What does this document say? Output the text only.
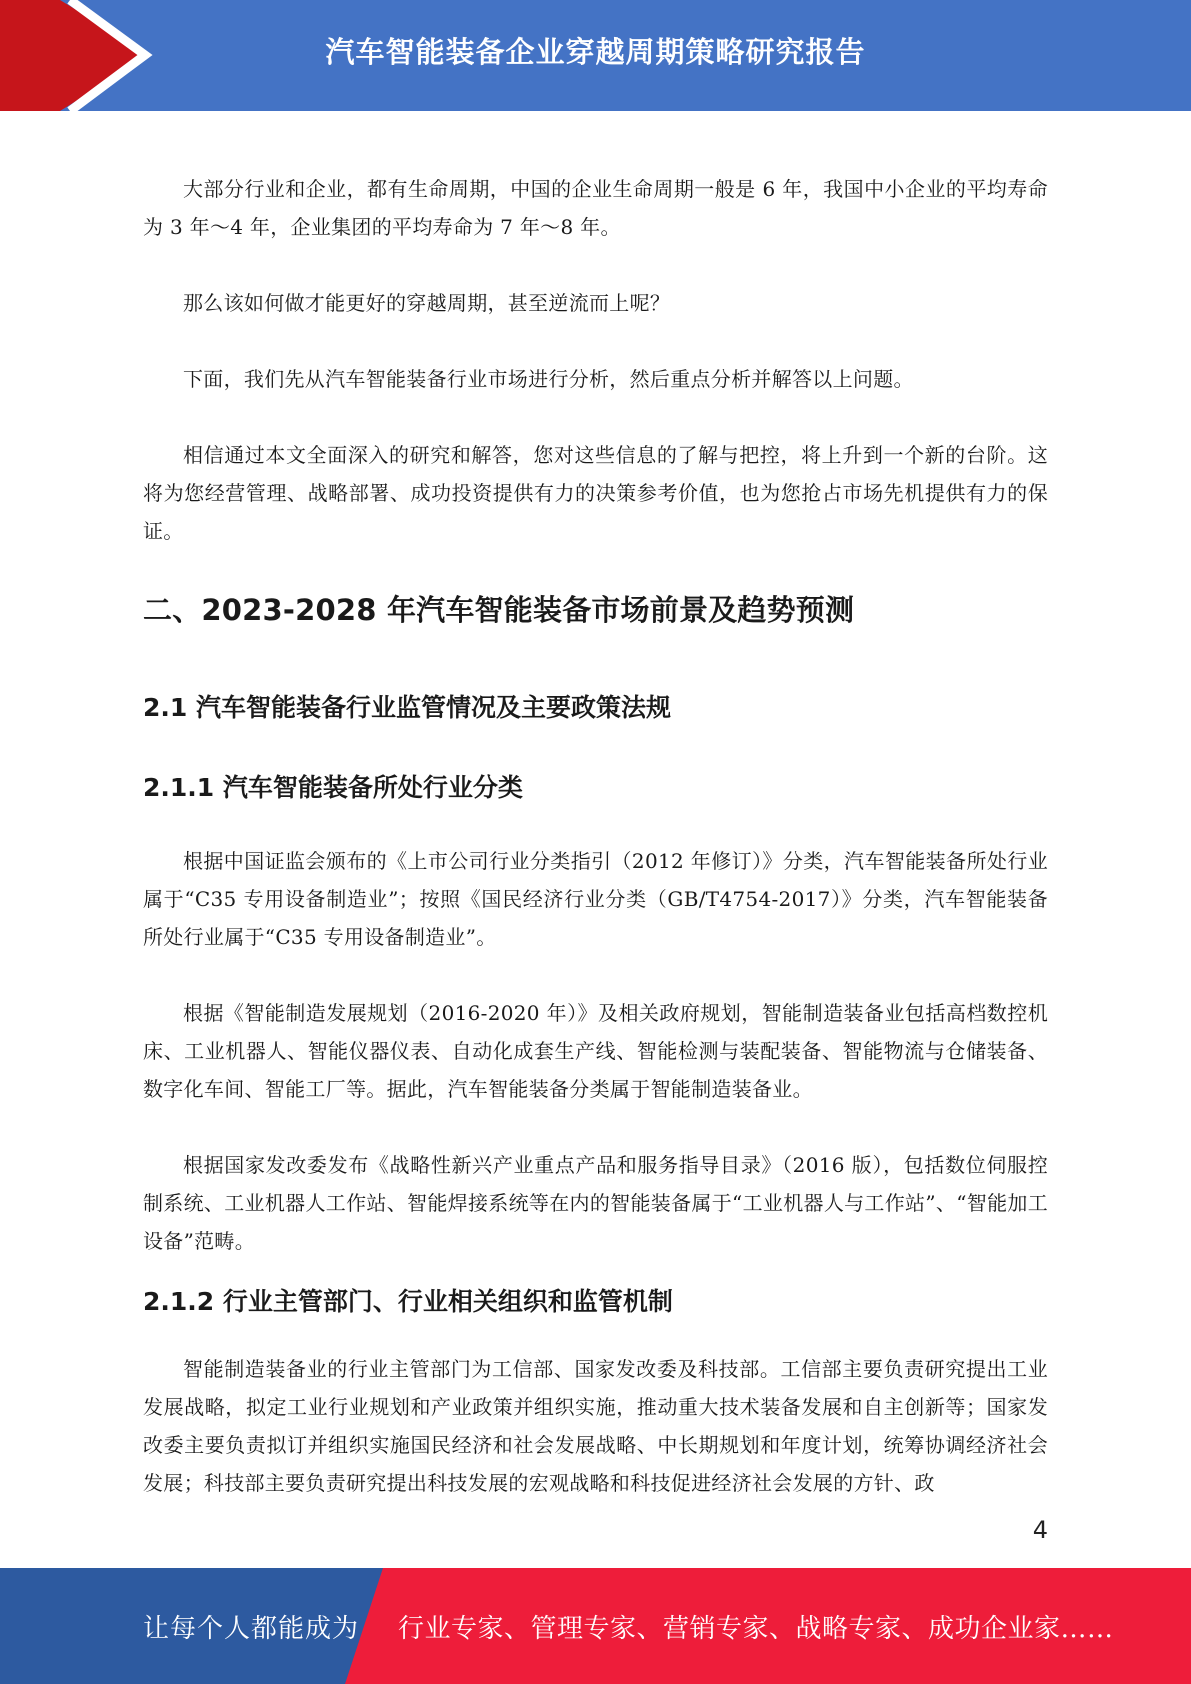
汽车智能装备企业穿越周期策略研究报告

大部分行业和企业，都有生命周期，中国的企业生命周期一般是 6 年，我国中小企业的平均寿命为 3 年～4 年，企业集团的平均寿命为 7 年～8 年。

那么该如何做才能更好的穿越周期，甚至逆流而上呢？

下面，我们先从汽车智能装备行业市场进行分析，然后重点分析并解答以上问题。

相信通过本文全面深入的研究和解答，您对这些信息的了解与把控，将上升到一个新的台阶。这将为您经营管理、战略部署、成功投资提供有力的决策参考价值，也为您抢占市场先机提供有力的保证。

二、2023-2028 年汽车智能装备市场前景及趋势预测
2.1 汽车智能装备行业监管情况及主要政策法规
2.1.1 汽车智能装备所处行业分类

根据中国证监会颁布的《上市公司行业分类指引（2012 年修订）》分类，汽车智能装备所处行业属于“C35 专用设备制造业”；按照《国民经济行业分类（GB/T4754-2017）》分类，汽车智能装备所处行业属于“C35 专用设备制造业”。

根据《智能制造发展规划（2016-2020 年）》及相关政府规划，智能制造装备业包括高档数控机床、工业机器人、智能仪器仪表、自动化成套生产线、智能检测与装配装备、智能物流与仓储装备、数字化车间、智能工厂等。据此，汽车智能装备分类属于智能制造装备业。

根据国家发改委发布《战略性新兴产业重点产品和服务指导目录》（2016 版），包括数位伺服控制系统、工业机器人工作站、智能焊接系统等在内的智能装备属于“工业机器人与工作站”、“智能加工设备”范畴。

2.1.2 行业主管部门、行业相关组织和监管机制

智能制造装备业的行业主管部门为工信部、国家发改委及科技部。工信部主要负责研究提出工业发展战略，拟定工业行业规划和产业政策并组织实施，推动重大技术装备发展和自主创新等；国家发改委主要负责拟订并组织实施国民经济和社会发展战略、中长期规划和年度计划，统筹协调经济社会发展；科技部主要负责研究提出科技发展的宏观战略和科技促进经济社会发展的方针、政

4
让每个人都能成为 行业专家、管理专家、营销专家、战略专家、成功企业家……
